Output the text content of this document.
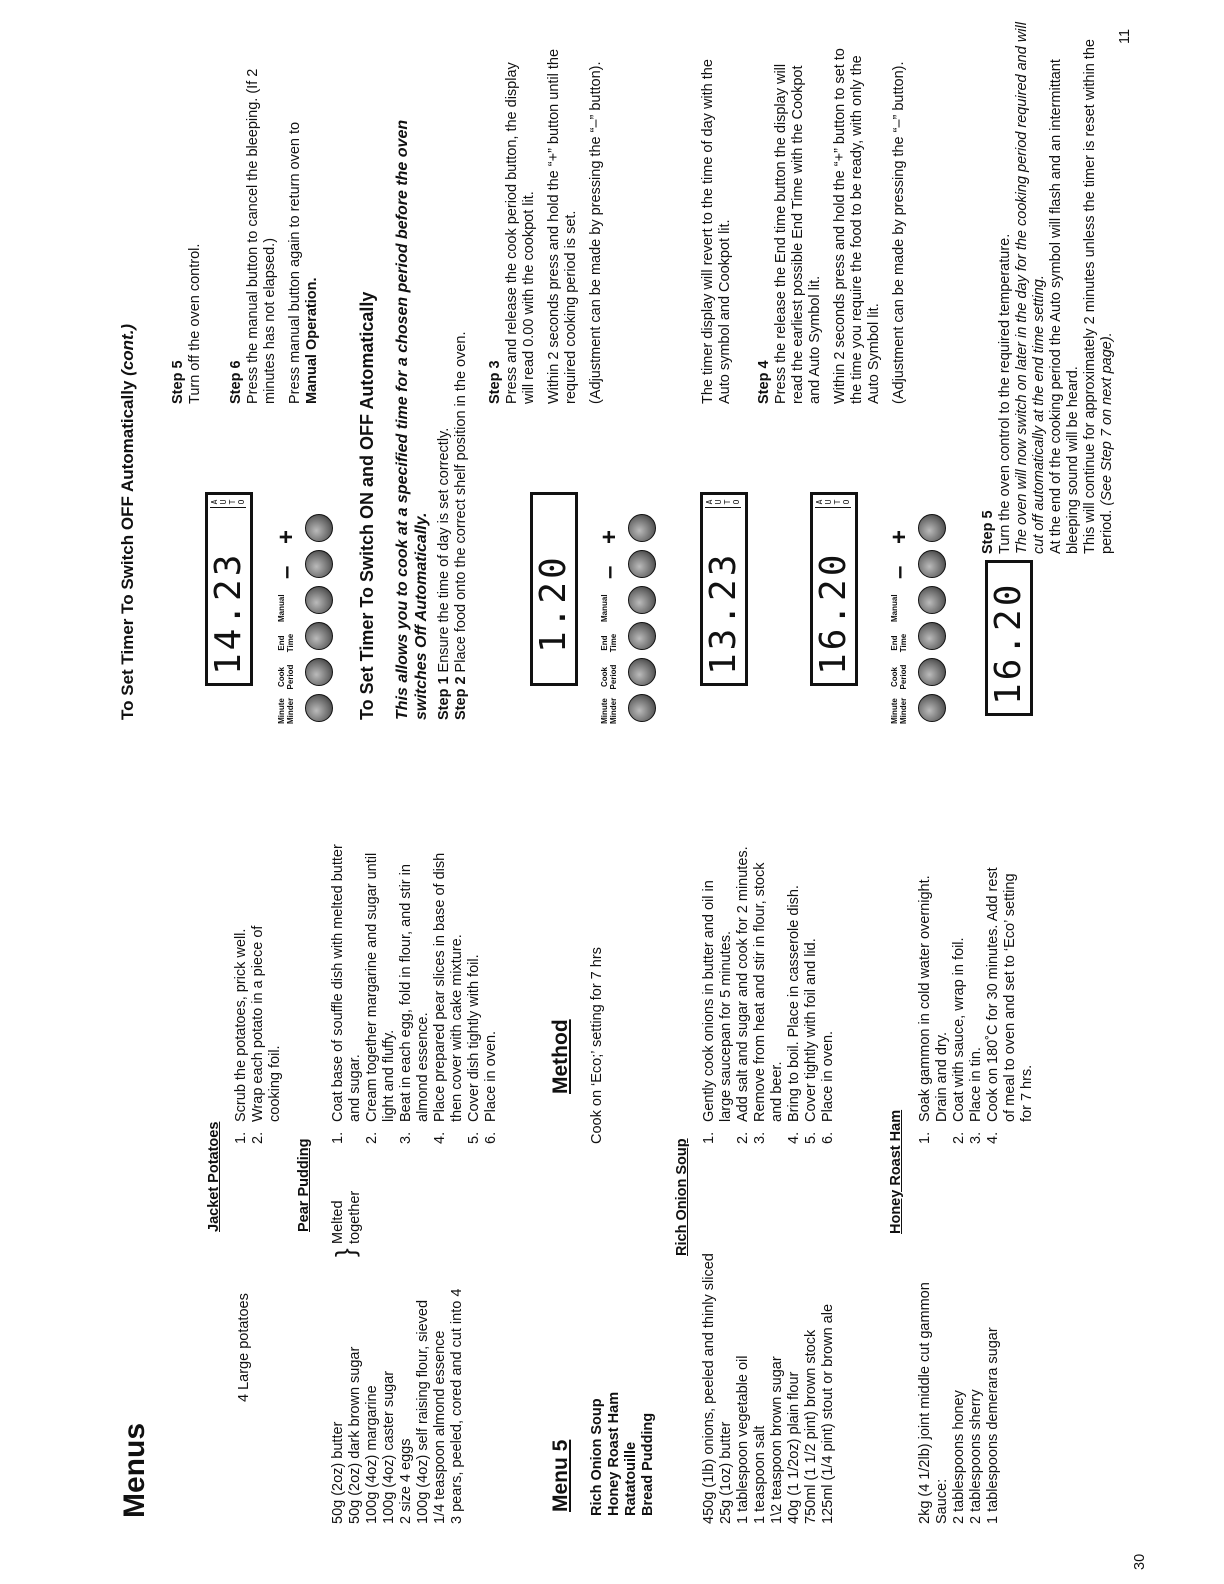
Menus
30
4 Large potatoes
Jacket Potatoes 1.
Scrub the potatoes, prick well.
2.
Wrap each potato in a piece of cooking foil.

50g (2oz) butter 50g (2oz) dark brown sugar 100g (4oz) margarine 100g (4oz) caster sugar 2 size 4 eggs 100g (4oz) self raising flour, sieved 1/4 teaspoon almond essence 3 pears, peeled, cored and cut into 4

}

Melted together

Pear Pudding
1.
Coat base of souffle dish with melted butter and sugar.
2.
Cream together margarine and sugar until light and fluffy.
3.
Beat in each egg, fold in flour, and stir in almond essence.
4.
Place prepared pear slices in base of dish then cover with cake mixture.
5.
Cover dish tightly with foil.
6.
Place in oven.
Menu 5 Rich Onion Soup Honey Roast Ham Ratatouille Bread Pudding

Method Cook on ‘Eco;’ setting for 7 hrs

450g (1lb) onions, peeled and thinly sliced 25g (1oz) butter 1 tablespoon vegetable oil 1 teaspoon salt 1\2 teaspoon brown sugar 40g (1 1/2oz) plain flour 750ml (1 1/2 pint) brown stock 125ml (1/4 pint) stout or brown ale

Rich Onion Soup
1.
Gently cook onions in butter and oil in large saucepan for 5 minutes.
2.
Add salt and sugar and cook for 2 minutes.
3.
Remove from heat and stir in flour, stock and beer.
4.
Bring to boil. Place in casserole dish.
5.
Cover tightly with foil and lid.
6.
Place in oven.

2kg (4 1/2lb) joint middle cut gammon Sauce: 2 tablespoons honey 2 tablespoons sherry 1 tablespoons demerara sugar

Honey Roast Ham 1.
Soak gammon in cold water overnight. Drain and dry.
2.
Coat with sauce, wrap in foil.
3.
Place in tin.
4.
Cook on 180˚C for 30 minutes. Add rest of meal to oven and set to ‘Eco’ setting for 7 hrs.
To Set Timer To Switch OFF Automatically (cont.)
11
Minute Minder
Cook Period
End Time
Manual
14.23
A U T O
–
+

Step 5 Turn off the oven control. Step 6 Press the manual button to cancel the bleeping. (If 2 minutes has not elapsed.) Press manual button again to return oven to Manual Operation. To Set Timer To Switch ON and OFF Automatically This allows you to cook at a specified time for a chosen period before the oven switches Off Automatically. Step 1 Ensure the time of day is set correctly.

Step 2 Place food onto the correct shelf position in the oven.

Minute Minder
Cook Period
End Time
Manual
1.20 –
+

Step 3 Press and release the cook period button, the display will read 0.00 with the cookpot lit. Within 2 seconds press and hold the “+” button until the required cooking period is set. (Adjustment can be made by pressing the “–” button).

13.23
A U T O
The timer display will revert to the time of day with the Auto symbol and Cookpot lit.
Minute Minder
Cook Period
End Time
Manual
16.20
A U T O
–
+

Step 4 Press the release the End time button the display will read the earliest possible End Time with the Cookpot and Auto Symbol lit. Within 2 seconds press and hold the “+” button to set to the time you require the food to be ready, with only the Auto Symbol lit. (Adjustment can be made by pressing the “–” button).

16.20

Step 5 Turn the oven control to the required temperature. The oven will now switch on later in the day for the cooking period required and will cut off automatically at the end time setting. At the end of the cooking period the Auto symbol will flash and an intermittant bleeping sound will be heard. This will continue for approximately 2 minutes unless the timer is reset within the period. (See Step 7 on next page).
